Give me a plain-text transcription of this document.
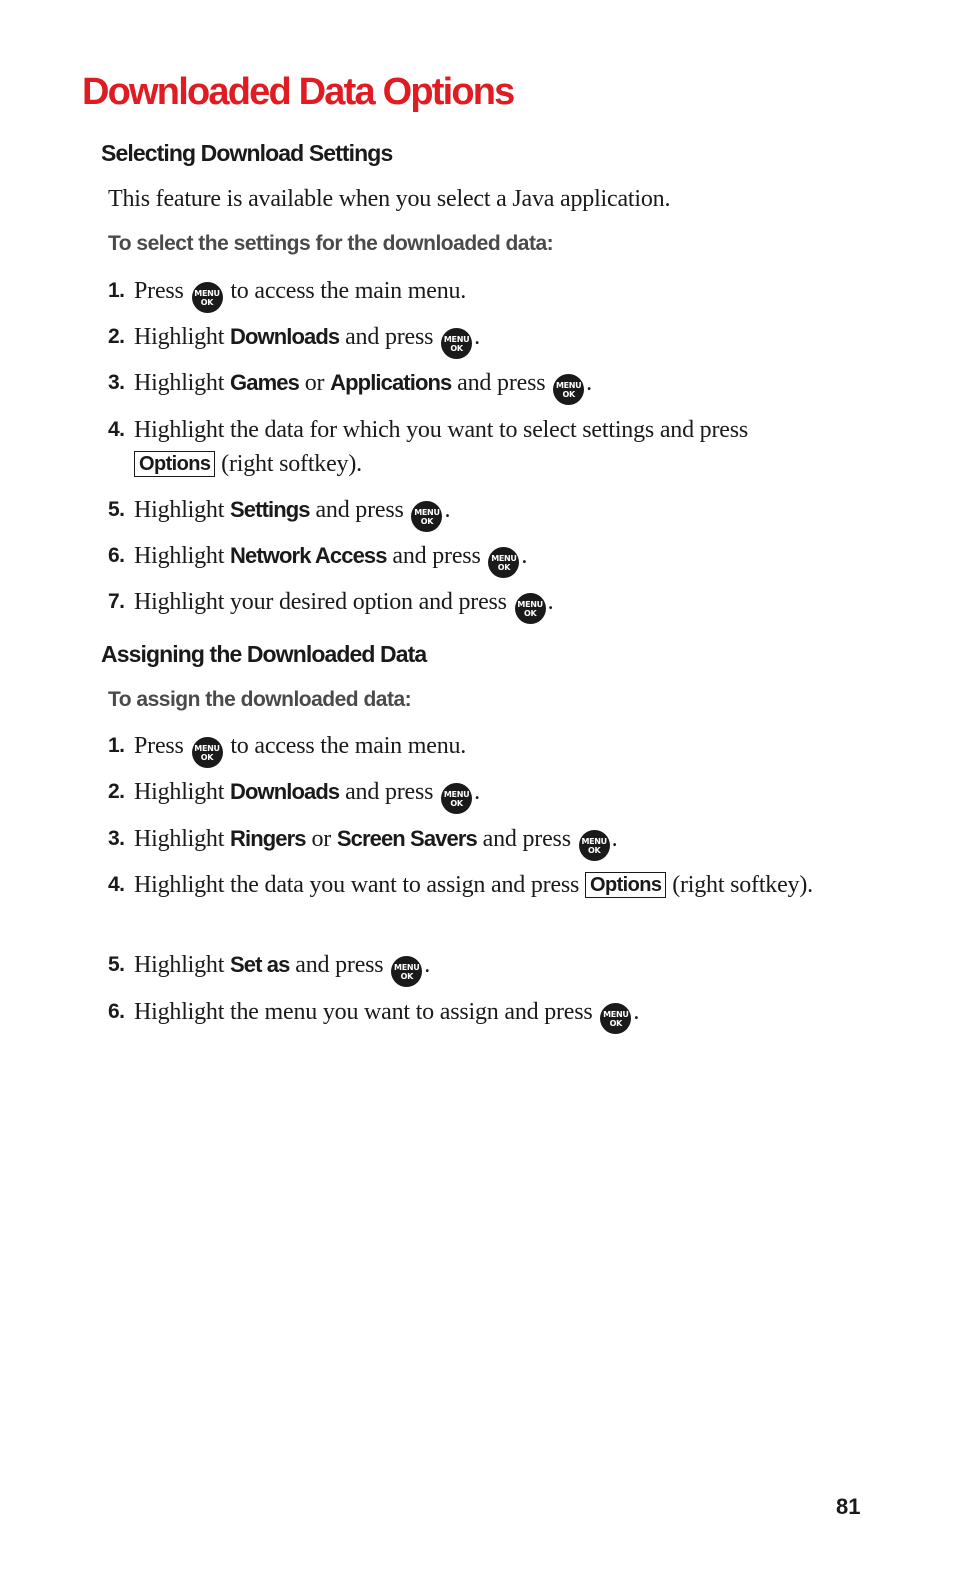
Downloaded Data Options
Selecting Download Settings

This feature is available when you select a Java application.

To select the settings for the downloaded data:

1. Press	MENU
OK to access the main menu.
2. Highlight Downloads and press	MENU
OK .
3. Highlight Games or Applications and press	MENU
OK .
4. Highlight the data for which you want to select settings and press Options (right softkey).
5. Highlight Settings and press	MENU
OK .
6. Highlight Network Access and press	MENU
OK .
7. Highlight your desired option and press	MENU
OK .
Assigning the Downloaded Data

To assign the downloaded data:

1. Press	MENU
OK to access the main menu.
2. Highlight Downloads and press	MENU
OK .
3. Highlight Ringers or Screen Savers and press	MENU
OK .
4. Highlight the data you want to assign and press Options (right softkey).
5. Highlight Set as and press	MENU
OK .
6. Highlight the menu you want to assign and press	MENU
OK .

81
